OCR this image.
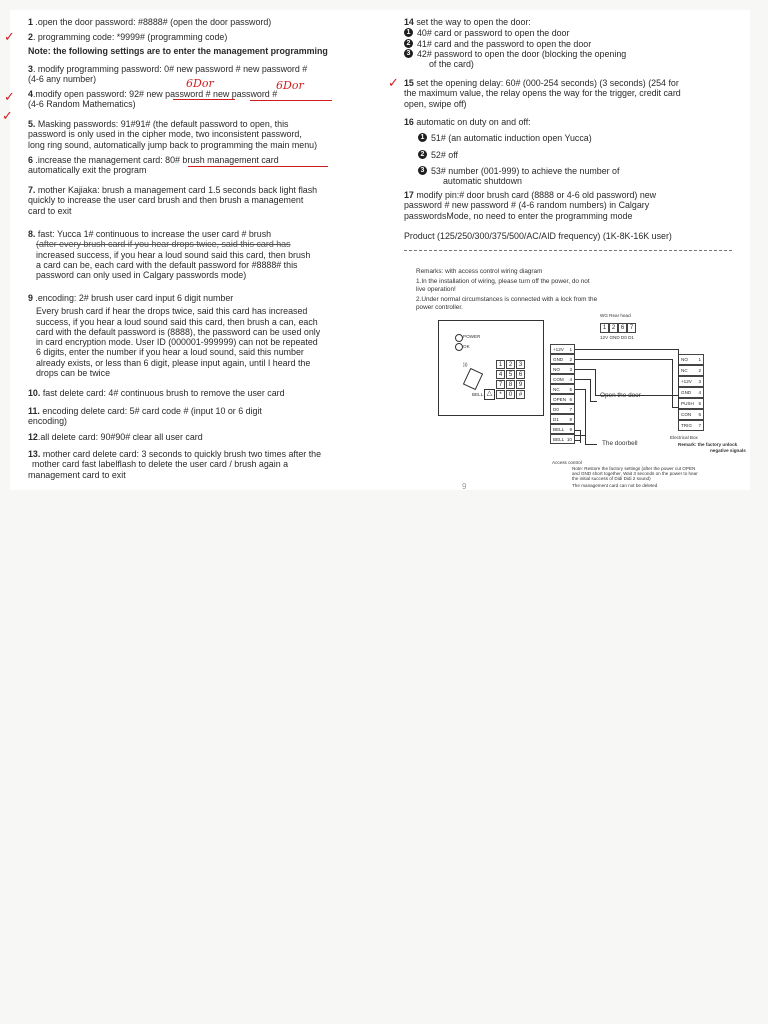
1 .open the door password: #8888# (open the door password)
2. programming code: *9999# (programming code)
Note: the following settings are to enter the management programming
3. modify programming password: 0# new password # new password #
(4-6 any number)
4.modify open password: 92# new password # new password #
(4-6 Random Mathematics)
5. Masking passwords: 91#91# (the default password to open, this
password is only used in the cipher mode, two inconsistent password,
long ring sound, automatically jump back to programming the main menu)
6 .increase the management card: 80# brush management card
automatically exit the program
7. mother Kajiaka: brush a management card 1.5 seconds back light flash
quickly to increase the user card brush and then brush a management
card to exit
8. fast: Yucca 1# continuous to increase the user card # brush
(after every brush card if you hear drops twice, said this card has
increased success, if you hear a loud sound said this card, then brush
a card can be, each card with the default password for #8888# this
password can only used in Calgary passwords mode)
9 .encoding: 2# brush user card input 6 digit number
Every brush card if hear the drops twice, said this card has increased
success, if you hear a loud sound said this card, then brush a can, each
card with the default password is (8888), the password can be used only
in card encryption mode. User ID (000001-999999) can not be repeated
6 digits, enter the number if you hear a loud sound, said this number
already exists, or less than 6 digit, please input again, until I heard the
drops can be twice
10. fast delete card: 4# continuous brush to remove the user card
11. encoding delete card: 5# card code # (input 10 or 6 digit
encoding)
12.all delete card: 90#90# clear all user card
13. mother card delete card: 3 seconds to quickly brush two times after the
mother card fast labelflash to delete the user card / brush again a
management card to exit
✓
✓
✓
6Dor	6Dor
14 set the way to open the door:
1 40# card or password to open the door
2 41# card and the password to open the door
3 42# password to open the door (blocking the opening
of the card)
15 set the opening delay: 60# (000-254 seconds) (3 seconds) (254 for
the maximum value, the relay opens the way for the trigger, credit card
open, swipe off)
16 automatic on duty on and off:
1 51# (an automatic induction open Yucca)
2 52# off
3 53# number (001-999) to achieve the number of
automatic shutdown
17 modify pin:# door brush card (8888 or 4-6 old password) new
password # new password # (4-6 random numbers) in Calgary
passwordsMode, no need to enter the programming mode
Product (125/250/300/375/500/AC/AID frequency) (1K-8K-16K user)
✓
Remarks: with access control wiring diagram
1.In the installation of wiring, please turn off the power, do not
live operation!
2.Under normal circumstances is connected with a lock from the
power controller.
POWER
OK
)))
BELL △
1	2	3
4	5	6
7	8	9
*	0	#
WG Rear head
1 2 6 7
12V GND D0 D1
+12V 1
GND 2
NO 3
COM 4
NC 5
OPEN 6
D0 7
D1 8
BELL 9
BELL 10
NO 1
NC 2
+12V 3
GND 4
PUSH 5
CON 6
TRIG 7
Open the door
The doorbell
Electrical Box
Remark: the factory unlock
negative signals
Access control
Note: Restore the factory settings (after the power cut OPEN
and GND short together, Wait 3 seconds on the power to hear
the initial success of Didi Didi 2 sound)
The management card can not be deleted
9
